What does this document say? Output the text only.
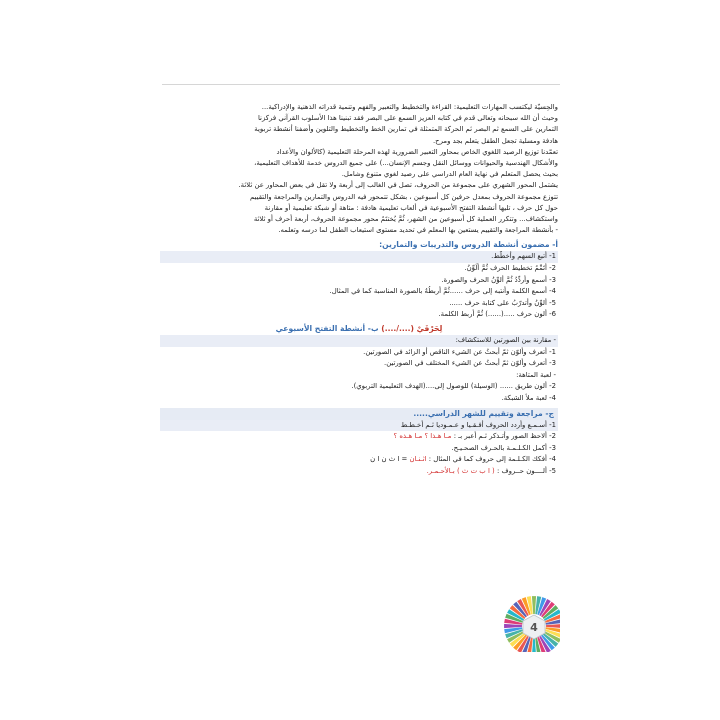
والحِسيّة ليكتسب المهارات التعليمية: القراءة والتخطيط والتعبير والفهم وتنمية قدراته الذهنية والإدراكية...

وحيث أن الله سبحانه وتعالى قدم في كتابه العزيز السمع على البصر فقد تبنينا هذا الأسلوب القرآني فركزنا

التمارين على السمع ثم البصر ثم الحركة المتمثلة في تمارين الخط والتخطيط والتلوين وأضفنا أنشطة تربوية

هادفة ومسلية تجعل الطفل يتعلم بجد ومرح.

تعمّدنا توزيع الرصيد اللغوي الخاص بمحاور التعبير الضرورية لهذه المرحلة التعليمية (كالألوان والأعداد

والأشكال الهندسية والحيوانات ووسائل النقل وجسم الإنسان...) على جميع الدروس خدمة للأهداف التعليمية،

بحيث يحصل المتعلم في نهاية العام الدراسي على رصيد لغوي متنوع وشامل.

يشتمل المحور الشهري على مجموعة من الحروف، تصل في الغالب إلى أربعة ولا تقل في بعض المحاور عن ثلاثة.

تتوزع مجموعة الحروف بمعدل حرفين كل أسبوعين ، بشكل تتمحور فيه الدروس والتمارين والمراجعة والتقييم

حول كل حرف ، تليها أنشطة التفتح الأسبوعية في ألعاب تعليمية هادفة : متاهة أو شبكة تعليمية أو مقارنة

واستكشاف... وتتكرر العملية كل أسبوعين من الشهر، ثُمَّ يُختتَمُ محور مجموعة الحروف، أربعة أحرف أو ثلاثة

- بأنشطة المراجعة والتقييم يستعين بها المعلم في تحديد مستوى استيعاب الطفل لما درسه وتعلمه.

أ- مضمون أنشطة الدروس والتدريبات والتمارين:
1- أتبع السهم وأخطّط.
2- أُتَمِّمُ تخطيط الحرف ثُمَّ أُلَوِّنُ.
3- أسمع وأردِّدُ ثُمَّ أُلوِّنُ الحرف والصورة.
4- أسمع الكلمة وأنتبه إلى حرف ......ثُمَّ أربطُهُ بالصورة المناسبة كما في المثال.
5- أُلوِّنُ وأتدرّبُ على كتابة حرف ......
6- أُلون حرف .....(......) ثُمَّ أربط الكلمة.
لِحَرْفَيْ (..../....) ب- أنشطة التفتح الأسبوعي
- مقارنة بين الصورتين للاستكشاف:
1- أتعرف وألوّن ثمّ أبحثُ عن الشيء الناقص أو الزائد في الصورتين.
3- أتعرف وألوّن ثمّ أبحثُ عن الشيء المختلف في الصورتين.
- لعبة المتاهة:
2- ألون طريق ...... (الوسيلة) للوصول إلى....(الهدف التعليمية التربوي).
4- لعبة ملأ الشبكة.
ج- مراجعة وتقييم للشهر الدراسي.....
1- أسـمـع وأردد الحروف أفـقـيا و عـمـوديا ثـم أخـطـط
2- ألاحظ الصور وأتـذكر ثـم أعبر بـ : مـا هـذا ؟ مـا هـذه ؟
3- أكمل الكـلـمـة بالحـرف الصحـيـح.
4- أفكك الكـلـمة إلى حروف كما في المثال : اثـنـان = ا ث ن ا ن
5- ألــــون حــروف : ( ا ب ت ث ) بـالأحـمـر.
4
